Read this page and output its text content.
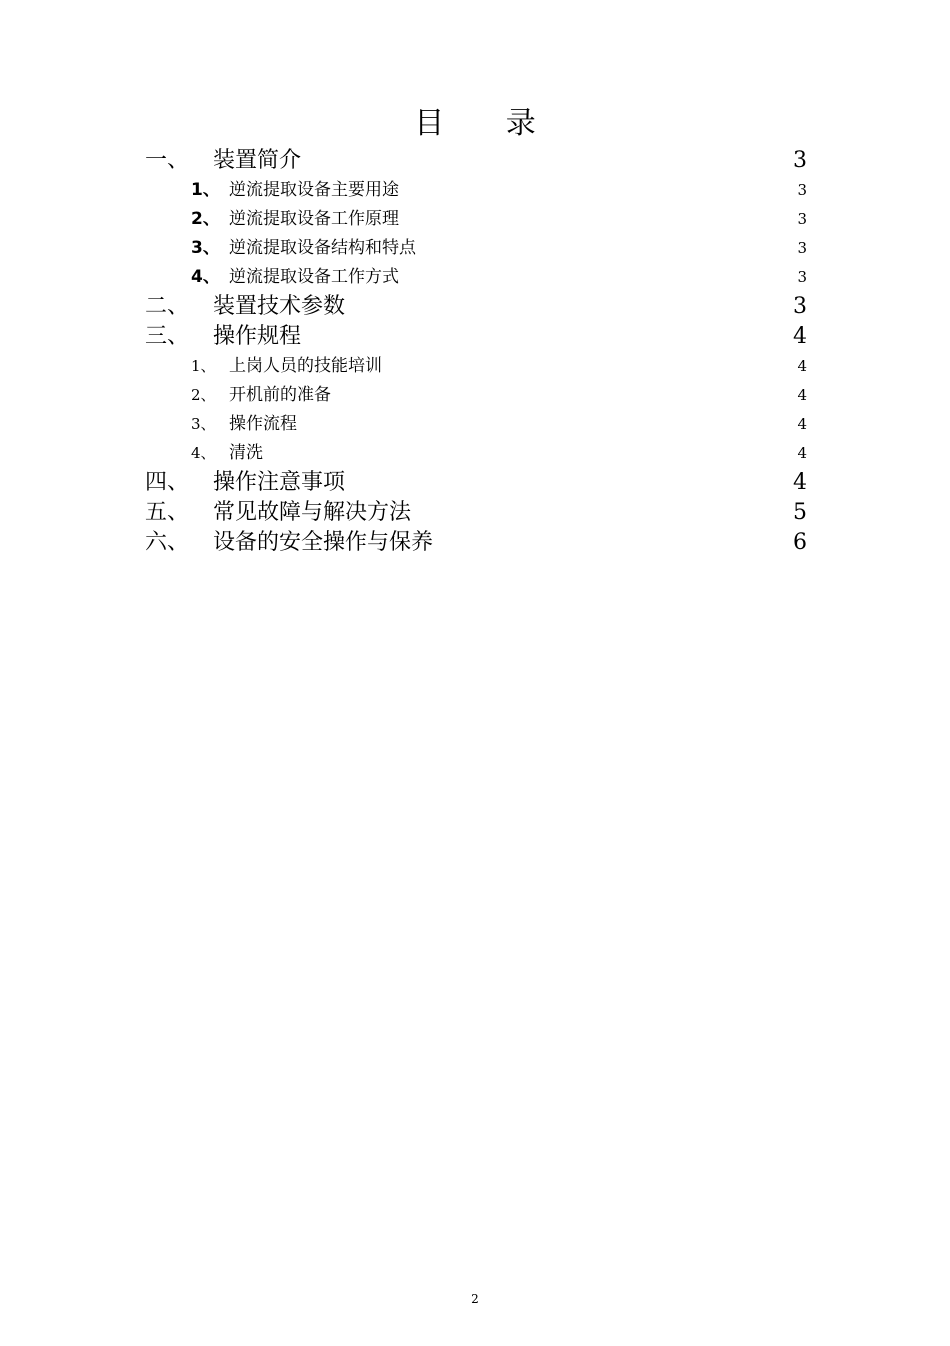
目 录
一、	装置简介	3
1、 逆流提取设备主要用途	3
2、 逆流提取设备工作原理	3
3、 逆流提取设备结构和特点	3
4、 逆流提取设备工作方式	3
二、	装置技术参数	3
三、	操作规程	4
1、 上岗人员的技能培训	4
2、 开机前的准备	4
3、 操作流程	4
4、 清洗	4
四、	操作注意事项	4
五、	常见故障与解决方法	5
六、	设备的安全操作与保养	6
2
